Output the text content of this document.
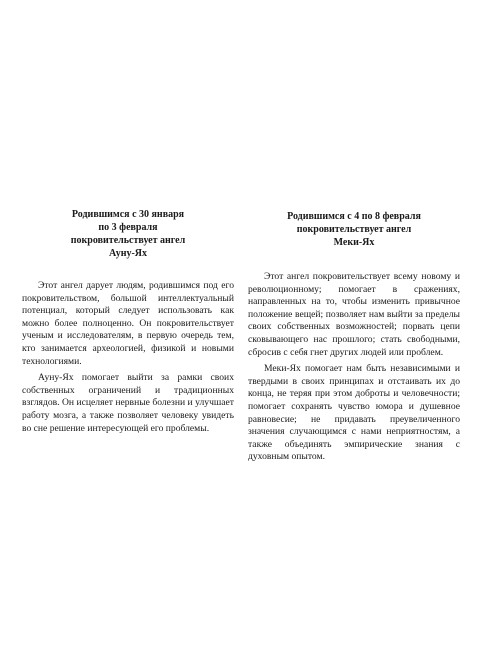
Родившимся с 30 января
по 3 февраля
покровительствует ангел
Ауну-Ях

Этот ангел дарует людям, родившимся под его покровительством, большой интеллектуальный потенциал, который следует использовать как можно более полноценно. Он покровительствует ученым и исследователям, в первую очередь тем, кто занимается археологией, физикой и новыми технологиями.

Ауну-Ях помогает выйти за рамки своих собственных ограничений и традиционных взглядов. Он исцеляет нервные болезни и улучшает работу мозга, а также позволяет человеку увидеть во сне решение интересующей его проблемы.

Родившимся с 4 по 8 февраля
покровительствует ангел
Меки-Ях

Этот ангел покровительствует всему новому и революционному; помогает в сражениях, направленных на то, чтобы изменить привычное положение вещей; позволяет нам выйти за пределы своих собственных возможностей; порвать цепи сковывающего нас прошлого; стать свободными, сбросив с себя гнет других людей или проблем.

Меки-Ях помогает нам быть независимыми и твердыми в своих принципах и отстаивать их до конца, не теряя при этом доброты и человечности; помогает сохранять чувство юмора и душевное равновесие; не придавать преувеличенного значения случающимся с нами неприятностям, а также объединять эмпирические знания с духовным опытом.
